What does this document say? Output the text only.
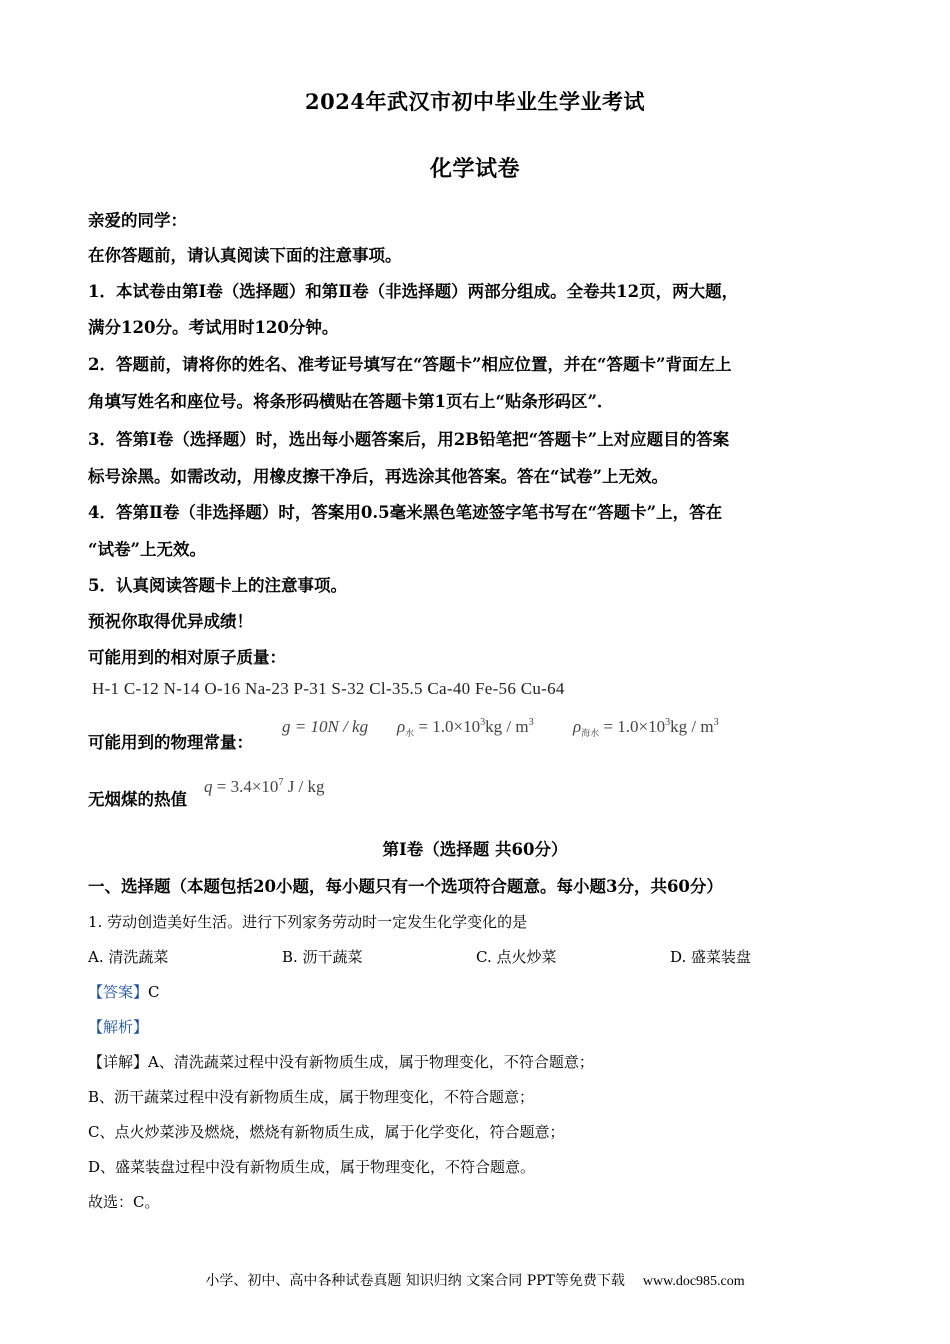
2024年武汉市初中毕业生学业考试
化学试卷
亲爱的同学：
在你答题前，请认真阅读下面的注意事项。
1．本试卷由第Ⅰ卷（选择题）和第Ⅱ卷（非选择题）两部分组成。全卷共12页，两大题，
满分120分。考试用时120分钟。
2．答题前，请将你的姓名、准考证号填写在“答题卡”相应位置，并在“答题卡”背面左上
角填写姓名和座位号。将条形码横贴在答题卡第1页右上“贴条形码区”．
3．答第Ⅰ卷（选择题）时，选出每小题答案后，用2B铅笔把“答题卡”上对应题目的答案
标号涂黑。如需改动，用橡皮擦干净后，再选涂其他答案。答在“试卷”上无效。
4．答第Ⅱ卷（非选择题）时，答案用0.5毫米黑色笔迹签字笔书写在“答题卡”上，答在
“试卷”上无效。
5．认真阅读答题卡上的注意事项。
预祝你取得优异成绩！
可能用到的相对原子质量：
H-1 C-12 N-14 O-16 Na-23 P-31 S-32 Cl-35.5 Ca-40 Fe-56 Cu-64
可能用到的物理常量：
g = 10N / kg $\rho_水 = 1.0\times 10^3kg / m^3$ $\rho_{海水} = 1.0\times 10^3kg / m^3$
无烟煤的热值
$q = 3.4\times 10^7$ J / kg
第Ⅰ卷（选择题 共60分）
一、选择题（本题包括20小题，每小题只有一个选项符合题意。每小题3分，共60分）
1. 劳动创造美好生活。进行下列家务劳动时一定发生化学变化的是
A. 清洗蔬菜	B. 沥干蔬菜	C. 点火炒菜	D. 盛菜装盘
【答案】C
【解析】
【详解】A、清洗蔬菜过程中没有新物质生成，属于物理变化，不符合题意；
B、沥干蔬菜过程中没有新物质生成，属于物理变化，不符合题意；
C、点火炒菜涉及燃烧，燃烧有新物质生成，属于化学变化，符合题意；
D、盛菜装盘过程中没有新物质生成，属于物理变化，不符合题意。
故选：C。
小学、初中、高中各种试卷真题 知识归纳 文案合同 PPT等免费下载 www.doc985.com
